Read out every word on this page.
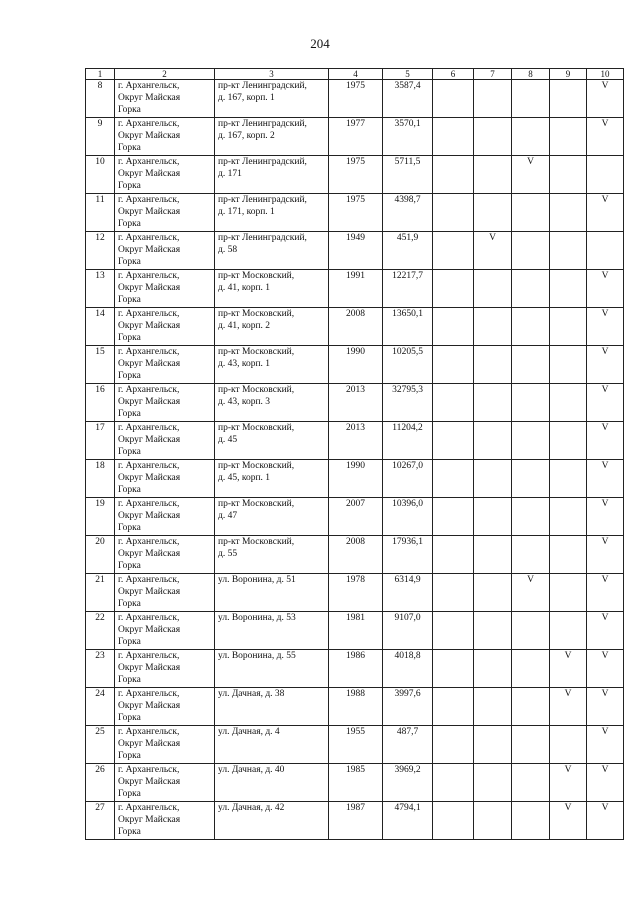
204
1	2	3	4	5	6	7	8	9	10

8	г. Архангельск,
Округ Майская
Горка	пр-кт Ленинградский,
д. 167, корп. 1	1975	3587,4					V

9	г. Архангельск,
Округ Майская
Горка	пр-кт Ленинградский,
д. 167, корп. 2	1977	3570,1					V

10	г. Архангельск,
Округ Майская
Горка	пр-кт Ленинградский,
д. 171	1975	5711,5			V		

11	г. Архангельск,
Округ Майская
Горка	пр-кт Ленинградский,
д. 171, корп. 1	1975	4398,7					V

12	г. Архангельск,
Округ Майская
Горка	пр-кт Ленинградский,
д. 58	1949	451,9		V			

13	г. Архангельск,
Округ Майская
Горка	пр-кт Московский,
д. 41, корп. 1	1991	12217,7					V

14	г. Архангельск,
Округ Майская
Горка	пр-кт Московский,
д. 41, корп. 2	2008	13650,1					V

15	г. Архангельск,
Округ Майская
Горка	пр-кт Московский,
д. 43, корп. 1	1990	10205,5					V

16	г. Архангельск,
Округ Майская
Горка	пр-кт Московский,
д. 43, корп. 3	2013	32795,3					V

17	г. Архангельск,
Округ Майская
Горка	пр-кт Московский,
д. 45	2013	11204,2					V

18	г. Архангельск,
Округ Майская
Горка	пр-кт Московский,
д. 45, корп. 1	1990	10267,0					V

19	г. Архангельск,
Округ Майская
Горка	пр-кт Московский,
д. 47	2007	10396,0					V

20	г. Архангельск,
Округ Майская
Горка	пр-кт Московский,
д. 55	2008	17936,1					V

21	г. Архангельск,
Округ Майская
Горка	ул. Воронина, д. 51	1978	6314,9			V		V

22	г. Архангельск,
Округ Майская
Горка	ул. Воронина, д. 53	1981	9107,0					V

23	г. Архангельск,
Округ Майская
Горка	ул. Воронина, д. 55	1986	4018,8				V	V

24	г. Архангельск,
Округ Майская
Горка	ул. Дачная, д. 38	1988	3997,6				V	V

25	г. Архангельск,
Округ Майская
Горка	ул. Дачная, д. 4	1955	487,7					V

26	г. Архангельск,
Округ Майская
Горка	ул. Дачная, д. 40	1985	3969,2				V	V

27	г. Архангельск,
Округ Майская
Горка	ул. Дачная, д. 42	1987	4794,1				V	V
